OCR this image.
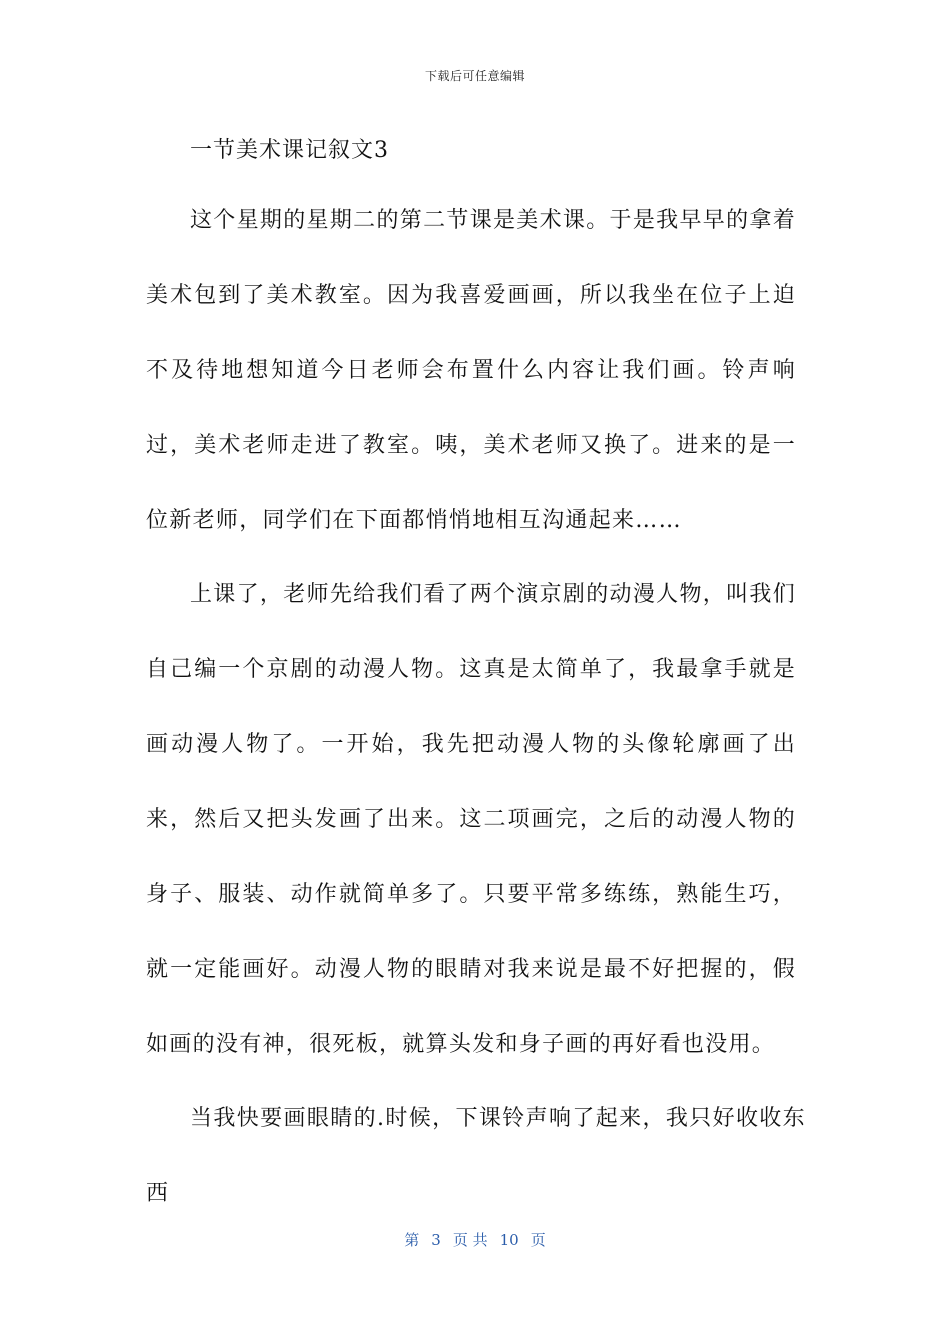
下载后可任意编辑
一节美术课记叙文3

这个星期的星期二的第二节课是美术课。于是我早早的拿着美术包到了美术教室。因为我喜爱画画，所以我坐在位子上迫不及待地想知道今日老师会布置什么内容让我们画。铃声响过，美术老师走进了教室。咦，美术老师又换了。进来的是一位新老师，同学们在下面都悄悄地相互沟通起来……

上课了，老师先给我们看了两个演京剧的动漫人物，叫我们自己编一个京剧的动漫人物。这真是太简单了，我最拿手就是画动漫人物了。一开始，我先把动漫人物的头像轮廓画了出来，然后又把头发画了出来。这二项画完，之后的动漫人物的身子、服装、动作就简单多了。只要平常多练练，熟能生巧，就一定能画好。动漫人物的眼睛对我来说是最不好把握的，假如画的没有神，很死板，就算头发和身子画的再好看也没用。

当我快要画眼睛的.时候，下课铃声响了起来，我只好收收东西

第 3 页 共 10 页
